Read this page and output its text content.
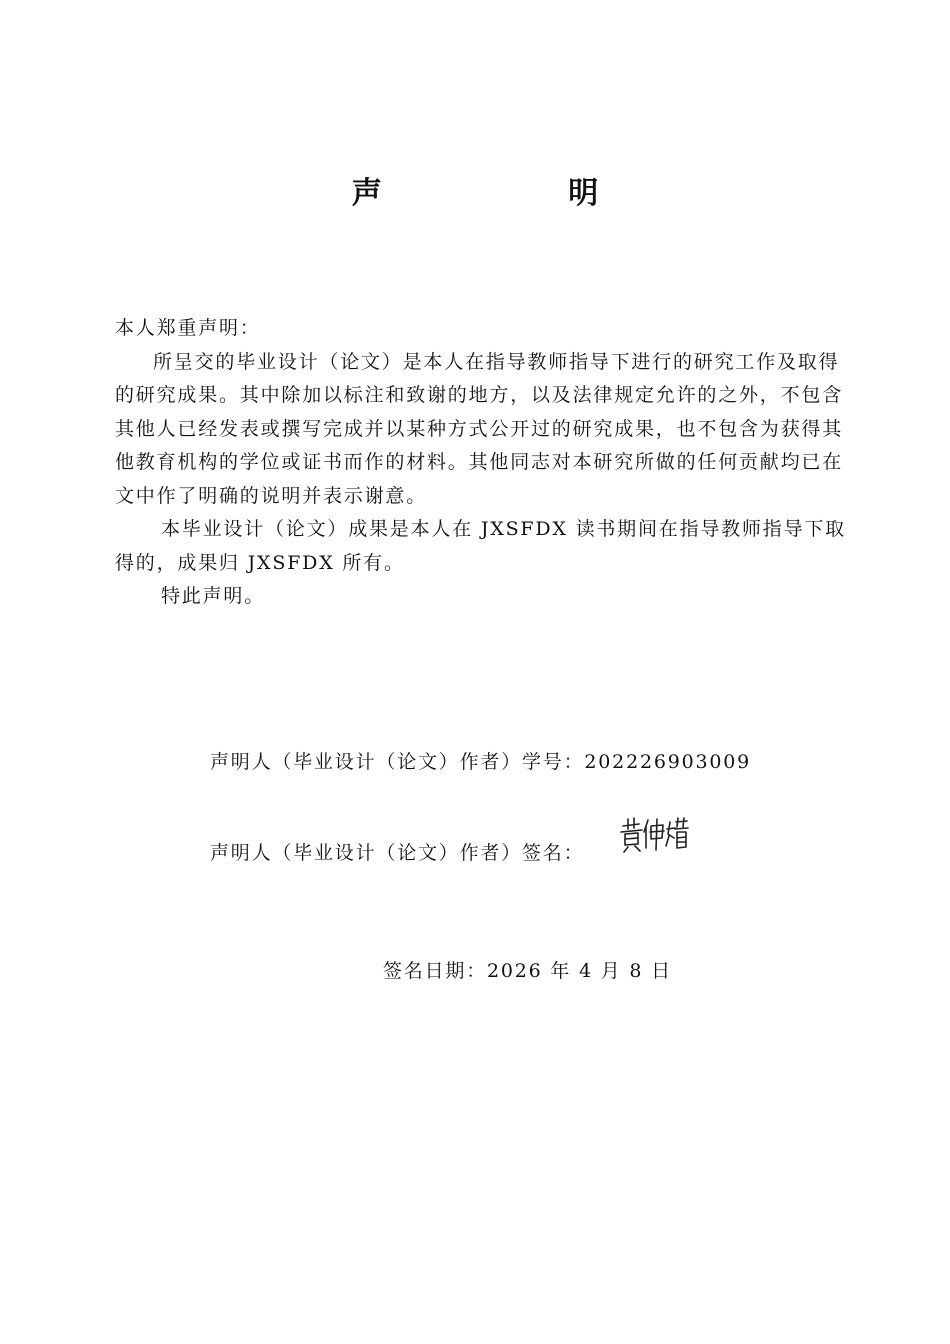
声 明

本人郑重声明：

所呈交的毕业设计（论文）是本人在指导教师指导下进行的研究工作及取得的研究成果。其中除加以标注和致谢的地方，以及法律规定允许的之外，不包含其他人已经发表或撰写完成并以某种方式公开过的研究成果，也不包含为获得其他教育机构的学位或证书而作的材料。其他同志对本研究所做的任何贡献均已在文中作了明确的说明并表示谢意。

本毕业设计（论文）成果是本人在 JXSFDX 读书期间在指导教师指导下取得的，成果归 JXSFDX 所有。

特此声明。

声明人（毕业设计（论文）作者）学号：202226903009
声明人（毕业设计（论文）作者）签名：
签名日期：2026 年 4 月 8 日
